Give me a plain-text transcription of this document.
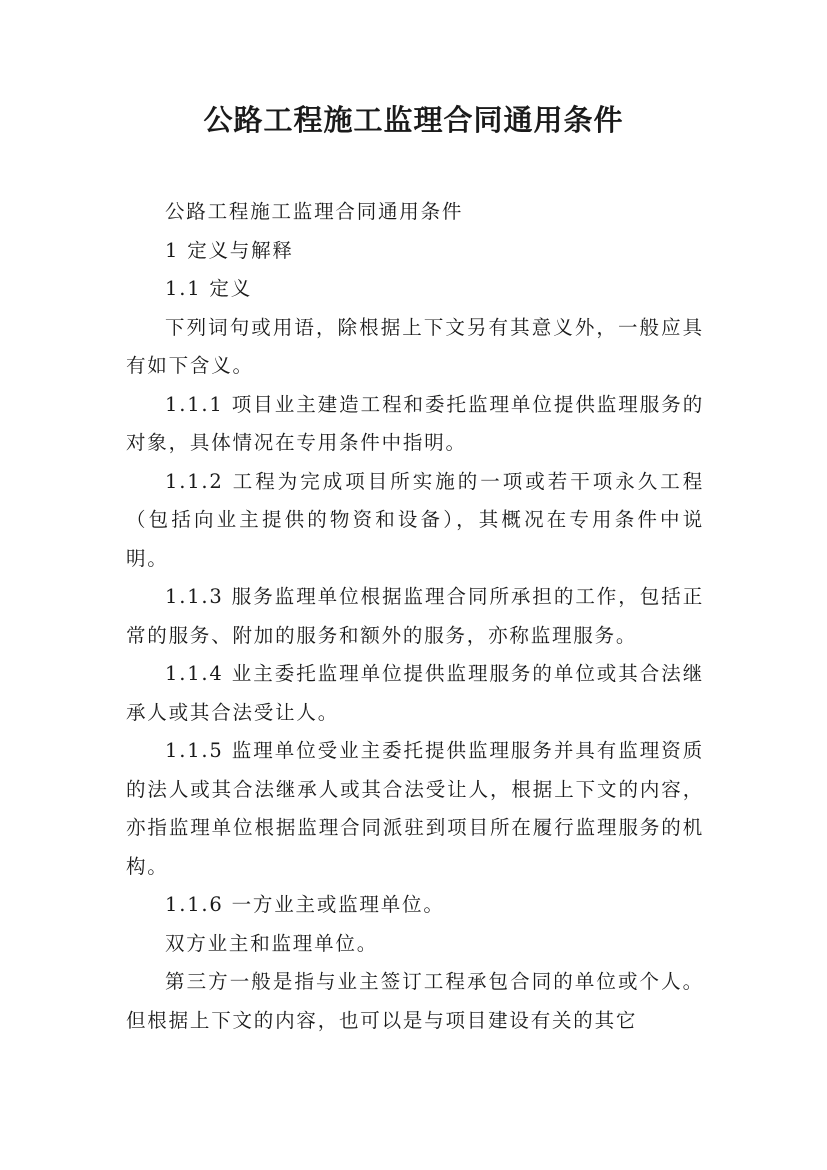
公路工程施工监理合同通用条件

公路工程施工监理合同通用条件

1 定义与解释

1.1 定义

下列词句或用语，除根据上下文另有其意义外，一般应具有如下含义。

1.1.1 项目业主建造工程和委托监理单位提供监理服务的对象，具体情况在专用条件中指明。

1.1.2 工程为完成项目所实施的一项或若干项永久工程（包括向业主提供的物资和设备），其概况在专用条件中说明。

1.1.3 服务监理单位根据监理合同所承担的工作，包括正常的服务、附加的服务和额外的服务，亦称监理服务。

1.1.4 业主委托监理单位提供监理服务的单位或其合法继承人或其合法受让人。

1.1.5 监理单位受业主委托提供监理服务并具有监理资质的法人或其合法继承人或其合法受让人，根据上下文的内容，亦指监理单位根据监理合同派驻到项目所在履行监理服务的机构。

1.1.6 一方业主或监理单位。

双方业主和监理单位。

第三方一般是指与业主签订工程承包合同的单位或个人。但根据上下文的内容，也可以是与项目建设有关的其它
